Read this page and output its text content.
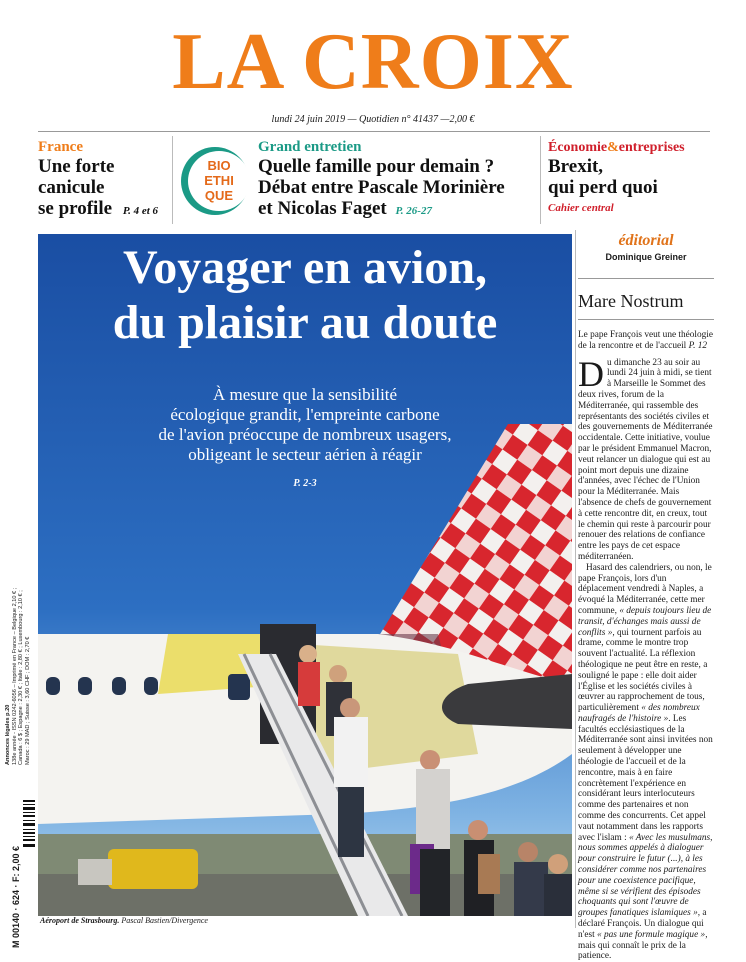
LA CROIX
lundi 24 juin 2019 — Quotidien n° 41437 —2,00 €
France
Une forte
canicule
se profile P. 4 et 6
BIO
ETHI
QUE
Grand entretien
Quelle famille pour demain ?
Débat entre Pascale Morinière
et Nicolas Faget P. 26-27
Économie&entreprises
Brexit,
qui perd quoi
Cahier central
Voyager en avion,
du plaisir au doute
À mesure que la sensibilité
écologique grandit, l'empreinte carbone
de l'avion préoccupe de nombreux usagers,
obligeant le secteur aérien à réagir
P. 2-3
bayard
Aéroport de Strasbourg. Pascal Bastien/Divergence
éditorial
Dominique Greiner
Mare Nostrum
Le pape François veut une théologie de la rencontre et de l'accueil P. 12
Du dimanche 23 au soir au lundi 24 juin à midi, se tient à Marseille le Sommet des deux rives, forum de la Méditerranée, qui rassemble des représentants des sociétés civiles et des gouvernements de Méditerranée occidentale. Cette initiative, voulue par le président Emmanuel Macron, veut relancer un dialogue qui est au point mort depuis une dizaine d'années, avec l'échec de l'Union pour la Méditerranée. Mais l'absence de chefs de gouvernement à cette rencontre dit, en creux, tout le chemin qui reste à parcourir pour renouer des relations de confiance entre les pays de cet espace méditerranéen.
Hasard des calendriers, ou non, le pape François, lors d'un déplacement vendredi à Naples, a évoqué la Méditerranée, cette mer commune, « depuis toujours lieu de transit, d'échanges mais aussi de conflits », qui tournent parfois au drame, comme le montre trop souvent l'actualité. La réflexion théologique ne peut être en reste, a souligné le pape : elle doit aider l'Église et les sociétés civiles à œuvrer au rapprochement de tous, particulièrement « des nombreux naufragés de l'histoire ». Les facultés ecclésiastiques de la Méditerranée sont ainsi invitées non seulement à développer une théologie de l'accueil et de la rencontre, mais à en faire concrètement l'expérience en considérant leurs interlocuteurs comme des partenaires et non comme des concurrents. Cet appel vaut notamment dans les rapports avec l'islam : « Avec les musulmans, nous sommes appelés à dialoguer pour construire le futur (...), à les considérer comme nos partenaires pour une coexistence pacifique, même si se vérifient des épisodes choquants qui sont l'œuvre de groupes fanatiques islamiques », a déclaré François. Un dialogue qui n'est « pas une formule magique », mais qui connaît le prix de la patience.
Annonces légales p.20 138e année - ISSN 0242-6056 – Imprimé en France – Belgique 2,10 € ; Canada : 6 $ ; Espagne : 2,30 € ; Italie : 2,80 € ; Luxembourg : 2,10 € ; Maroc : 29 MAD ; Suisse : 3,60 CHF ; DOM : 2,70 €
M 00140 · 624 · F: 2,00 €
